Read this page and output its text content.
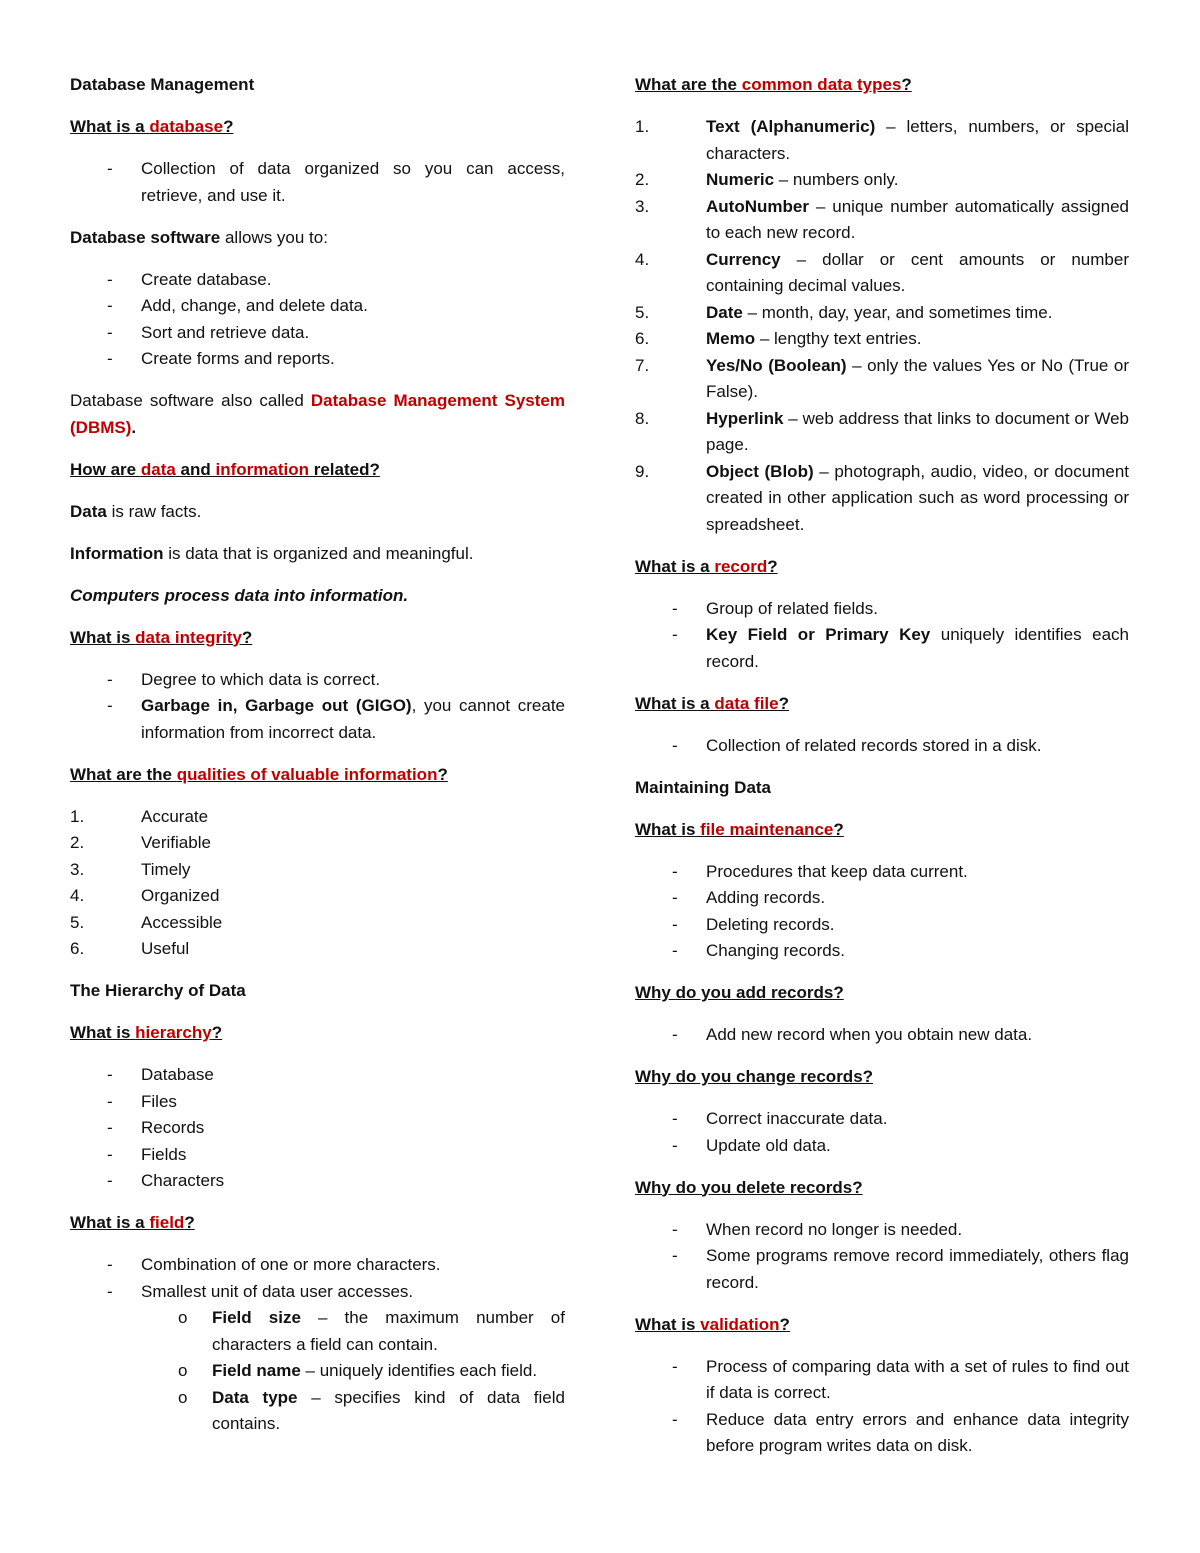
Database Management

What is a database?

- Collection of data organized so you can access, retrieve, and use it.

Database software allows you to:

- Create database.
- Add, change, and delete data.
- Sort and retrieve data.
- Create forms and reports.

Database software also called Database Management System (DBMS).

How are data and information related?

Data is raw facts.

Information is data that is organized and meaningful.

Computers process data into information.

What is data integrity?

- Degree to which data is correct.
- Garbage in, Garbage out (GIGO), you cannot create information from incorrect data.

What are the qualities of valuable information?

1.	Accurate
2.	Verifiable
3.	Timely
4.	Organized
5.	Accessible
6.	Useful

The Hierarchy of Data

What is hierarchy?

- Database
- Files
- Records
- Fields
- Characters

What is a field?

- Combination of one or more characters.
- Smallest unit of data user accesses.
o Field size – the maximum number of characters a field can contain.
o Field name – uniquely identifies each field.
o Data type – specifies kind of data field contains.

What are the common data types?

1.	Text (Alphanumeric) – letters, numbers, or special characters.
2.	Numeric – numbers only.
3.	AutoNumber – unique number automatically assigned to each new record.
4.	Currency – dollar or cent amounts or number containing decimal values.
5.	Date – month, day, year, and sometimes time.
6.	Memo – lengthy text entries.
7.	Yes/No (Boolean) – only the values Yes or No (True or False).
8.	Hyperlink – web address that links to document or Web page.
9.	Object (Blob) – photograph, audio, video, or document created in other application such as word processing or spreadsheet.

What is a record?

- Group of related fields.
- Key Field or Primary Key uniquely identifies each record.

What is a data file?

- Collection of related records stored in a disk.

Maintaining Data

What is file maintenance?

- Procedures that keep data current.
- Adding records.
- Deleting records.
- Changing records.

Why do you add records?

- Add new record when you obtain new data.

Why do you change records?

- Correct inaccurate data.
- Update old data.

Why do you delete records?

- When record no longer is needed.
- Some programs remove record immediately, others flag record.

What is validation?

- Process of comparing data with a set of rules to find out if data is correct.
- Reduce data entry errors and enhance data integrity before program writes data on disk.
